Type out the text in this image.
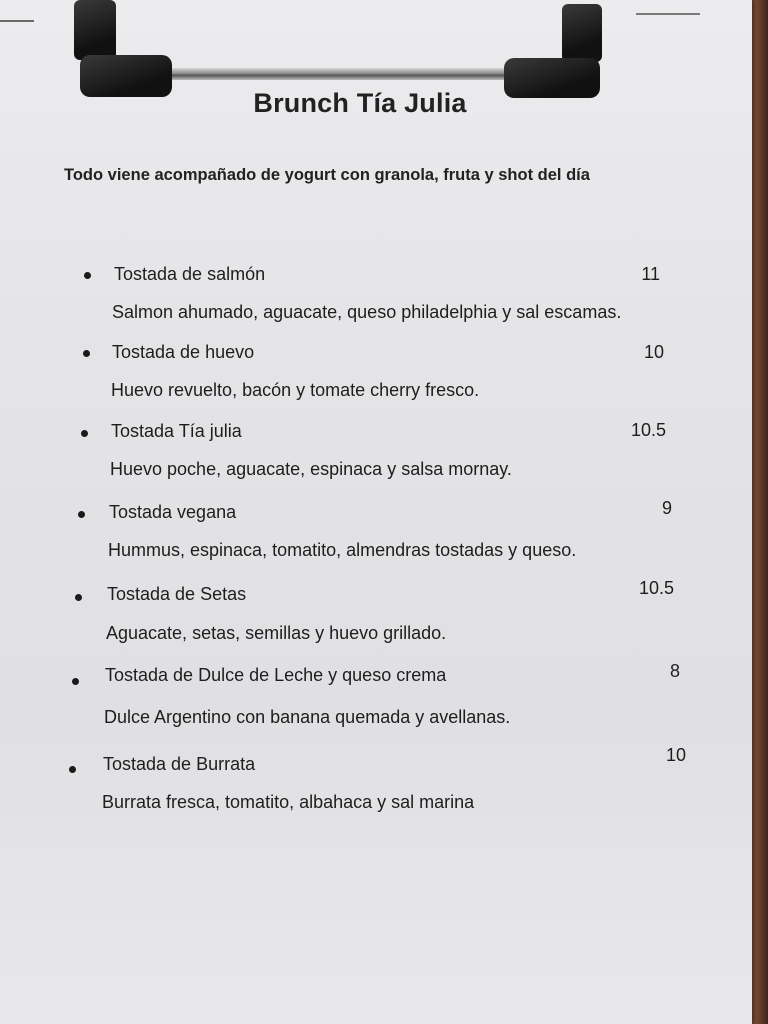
Brunch Tía Julia
Todo viene acompañado de yogurt con granola, fruta y shot del día
Tostada de salmón	11
Salmon ahumado, aguacate, queso philadelphia y sal escamas.
Tostada de huevo	10
Huevo revuelto, bacón y tomate cherry fresco.
Tostada Tía julia	10.5
Huevo poche, aguacate, espinaca y salsa mornay.
Tostada vegana	9
Hummus, espinaca, tomatito, almendras tostadas y queso.
Tostada de Setas	10.5
Aguacate, setas, semillas y huevo grillado.
Tostada de Dulce de Leche y queso crema	8
Dulce Argentino con banana quemada y avellanas.
Tostada de Burrata	10
Burrata fresca, tomatito, albahaca y sal marina
